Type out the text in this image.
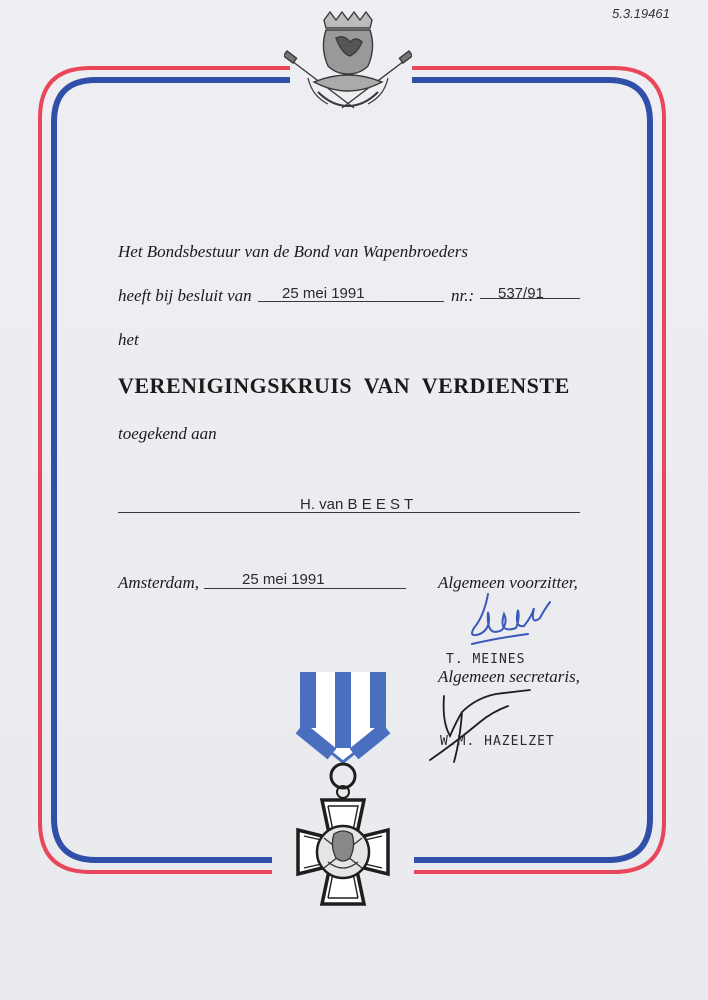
5.3.19461
Het Bondsbestuur van de Bond van Wapenbroeders
heeft bij besluit van 25 mei 1991	nr.: 537/91
het
VERENIGINGSKRUIS  VAN  VERDIENSTE
toegekend aan
H. van B E E S T
Amsterdam,	25 mei 1991	Algemeen voorzitter,
T. MEINES
Algemeen secretaris,
W.M. HAZELZET
